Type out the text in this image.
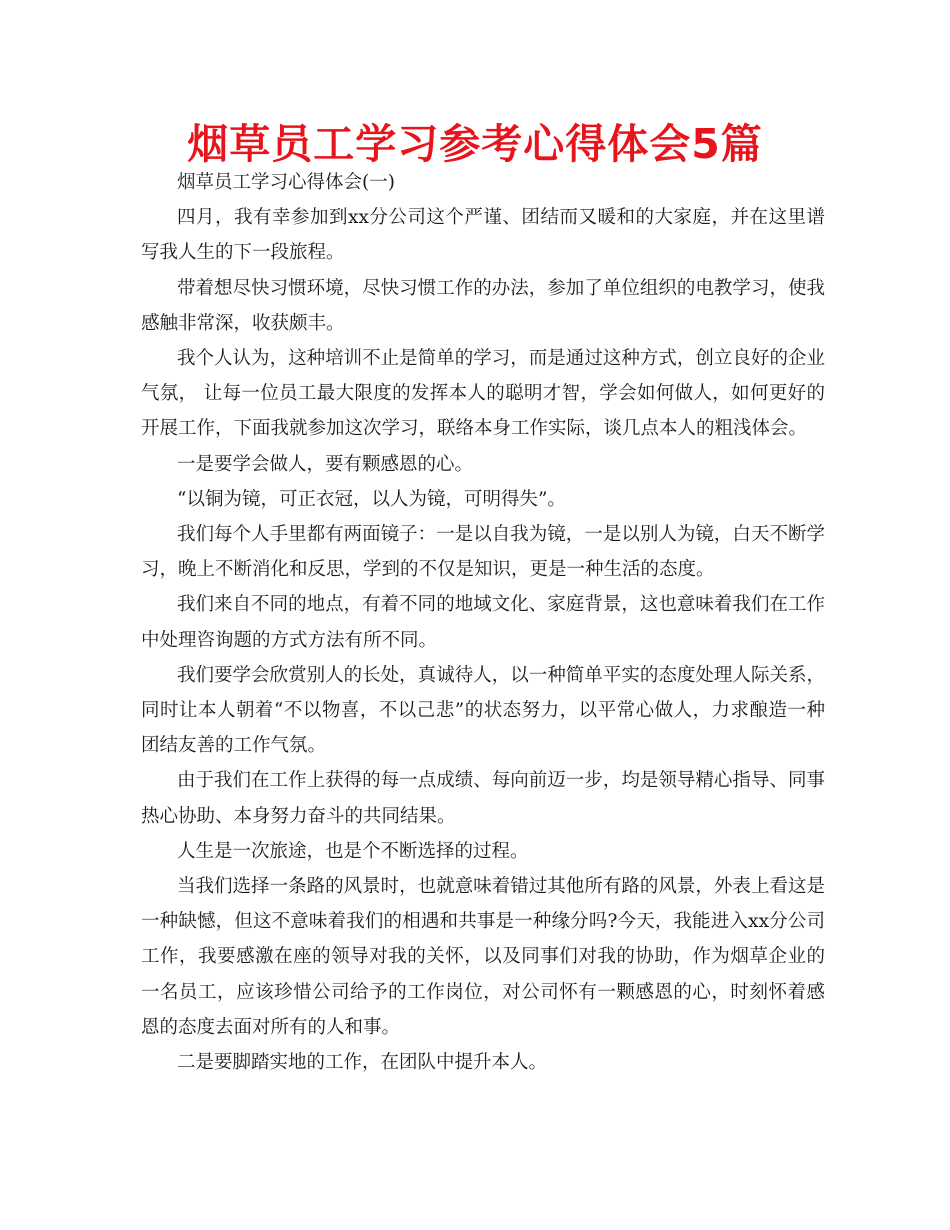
烟草员工学习参考心得体会5篇

烟草员工学习心得体会(一)

四月，我有幸参加到xx分公司这个严谨、团结而又暖和的大家庭，并在这里谱写我人生的下一段旅程。

带着想尽快习惯环境，尽快习惯工作的办法，参加了单位组织的电教学习，使我感触非常深，收获颇丰。

我个人认为，这种培训不止是简单的学习，而是通过这种方式，创立良好的企业气氛， 让每一位员工最大限度的发挥本人的聪明才智，学会如何做人，如何更好的开展工作，下面我就参加这次学习，联络本身工作实际，谈几点本人的粗浅体会。

一是要学会做人，要有颗感恩的心。

“以铜为镜，可正衣冠，以人为镜，可明得失”。

我们每个人手里都有两面镜子：一是以自我为镜，一是以别人为镜，白天不断学习，晚上不断消化和反思，学到的不仅是知识，更是一种生活的态度。

我们来自不同的地点，有着不同的地域文化、家庭背景，这也意味着我们在工作中处理咨询题的方式方法有所不同。

我们要学会欣赏别人的长处，真诚待人，以一种简单平实的态度处理人际关系，同时让本人朝着“不以物喜，不以己悲”的状态努力，以平常心做人，力求酿造一种团结友善的工作气氛。

由于我们在工作上获得的每一点成绩、每向前迈一步，均是领导精心指导、同事热心协助、本身努力奋斗的共同结果。

人生是一次旅途，也是个不断选择的过程。

当我们选择一条路的风景时，也就意味着错过其他所有路的风景，外表上看这是一种缺憾，但这不意味着我们的相遇和共事是一种缘分吗?今天，我能进入xx分公司工作，我要感激在座的领导对我的关怀，以及同事们对我的协助，作为烟草企业的一名员工，应该珍惜公司给予的工作岗位，对公司怀有一颗感恩的心，时刻怀着感恩的态度去面对所有的人和事。

二是要脚踏实地的工作，在团队中提升本人。
